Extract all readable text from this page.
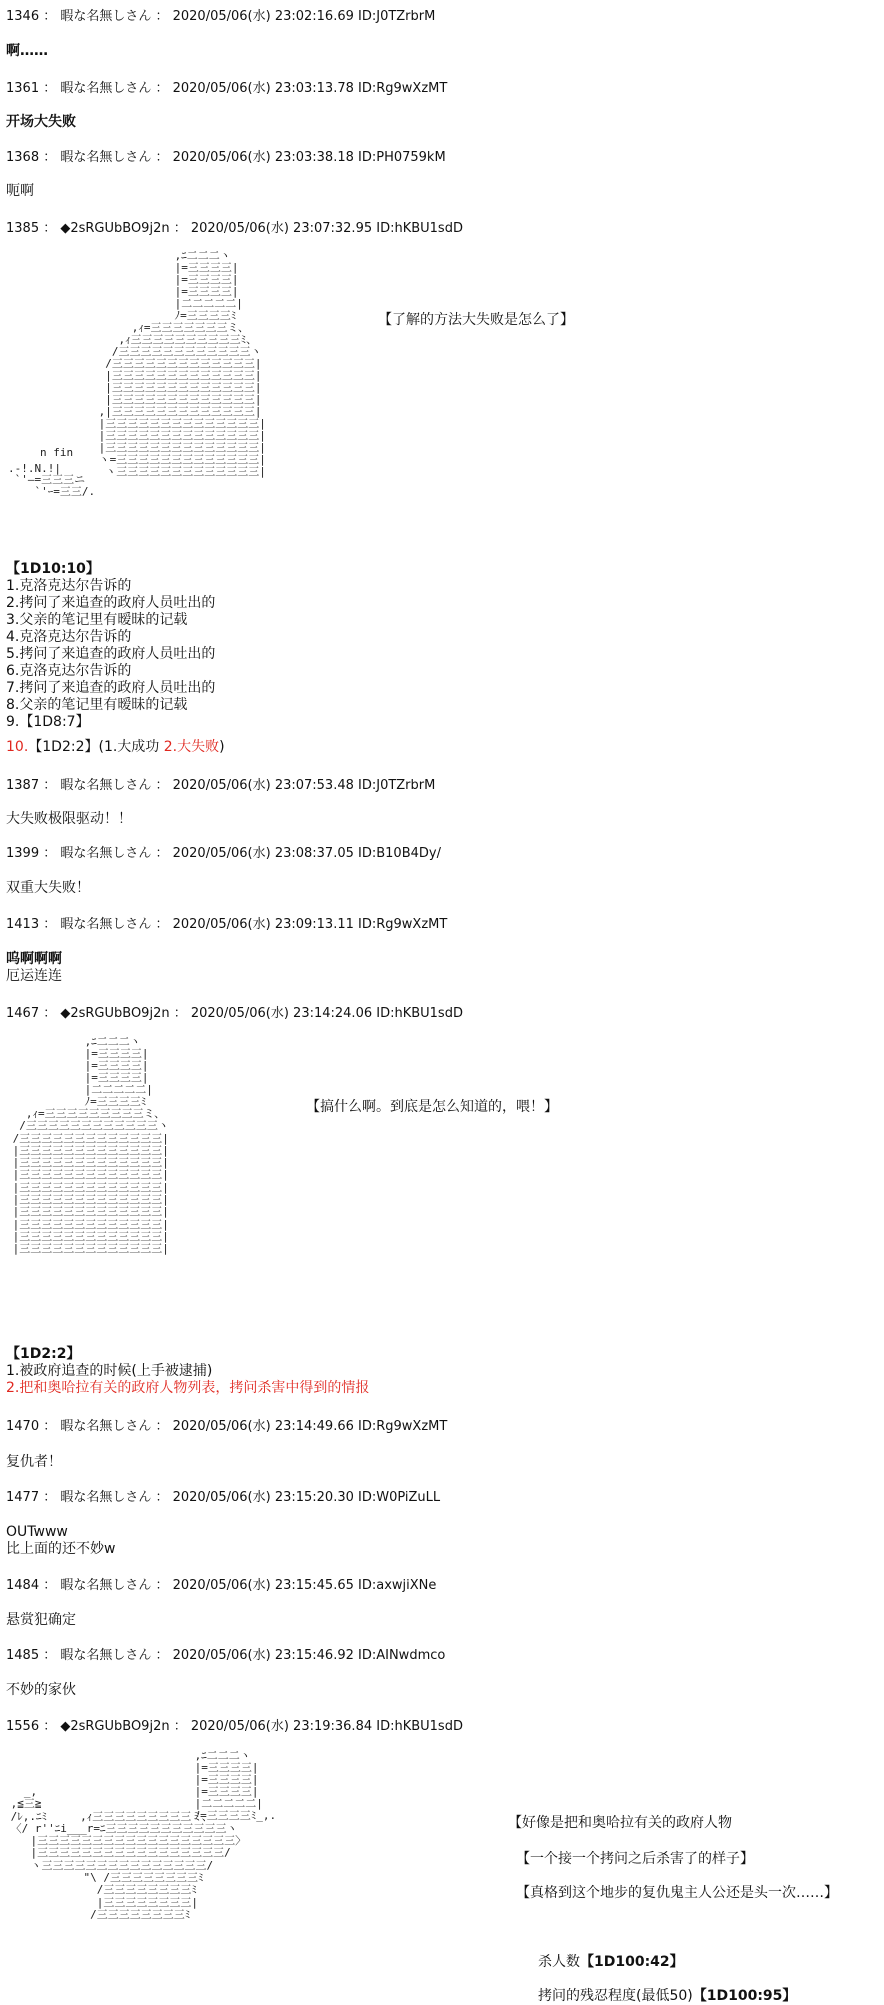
1346 ： 暇な名無しさん ： 2020/05/06(水) 23:02:16.69 ID:J0TZrbrM
啊……
1361 ： 暇な名無しさん ： 2020/05/06(水) 23:03:13.78 ID:Rg9wXzMT
开场大失败
1368 ： 暇な名無しさん ： 2020/05/06(水) 23:03:38.18 ID:PH0759kM
呃啊
1385 ： ◆2sRGUbBO9j2n ： 2020/05/06(水) 23:07:32.95 ID:hKBU1sdD
,ﾆ二二二ヽ
|=三三三三|
|=三三三三|
|=三三三三|
|二二二二二|
ﾉ=三三三三ﾐ
,ｨ=三三三三三三三ミ、
,ｨ三三三三三三三三三三ﾐ、
/三三三三三三三三三三三三ヽ
/三三三三三三三三三三三三三|
|三三三三三三三三三三三三三|
|三三三三三三三三三三三三三|
|三三三三三三三三三三三三三|
,|三三三三三三三三三三三三三|
|三三三三三三三三三三三三三三|
|三三三三三三三三三三三三三三|
|三三三三三三三三三三三三三三|
ヽ=三三三三三三三三三三三三三|
ヽ三三三三三三三三三三三三三|
n fin
.-!.N.!|
`'―=三三三ニ
`'ｰ=三三/.
【了解的方法大失败是怎么了】
【1D10:10】
1.克洛克达尔告诉的
2.拷问了来追查的政府人员吐出的
3.父亲的笔记里有暧昧的记载
4.克洛克达尔告诉的
5.拷问了来追查的政府人员吐出的
6.克洛克达尔告诉的
7.拷问了来追查的政府人员吐出的
8.父亲的笔记里有暧昧的记载
9.【1D8:7】
10.【1D2:2】(1.大成功 2.大失败)
1387 ： 暇な名無しさん ： 2020/05/06(水) 23:07:53.48 ID:J0TZrbrM
大失败极限驱动！！
1399 ： 暇な名無しさん ： 2020/05/06(水) 23:08:37.05 ID:B10B4Dy/
双重大失败！
1413 ： 暇な名無しさん ： 2020/05/06(水) 23:09:13.11 ID:Rg9wXzMT
呜啊啊啊
厄运连连
1467 ： ◆2sRGUbBO9j2n ： 2020/05/06(水) 23:14:24.06 ID:hKBU1sdD
,ﾆ二二二ヽ
|=三三三三|
|=三三三三|
|=三三三三|
|二二二二二|
ﾉ=三三三三ﾐ
,ｨ=三三三三三三三三三ミ、
/三三三三三三三三三三三三ヽ
/三三三三三三三三三三三三三|
|三三三三三三三三三三三三三|
|三三三三三三三三三三三三三|
|三三三三三三三三三三三三三|
|三三三三三三三三三三三三三|
|三三三三三三三三三三三三三|
|三三三三三三三三三三三三三|
|三三三三三三三三三三三三三|
|三三三三三三三三三三三三三|
|三三三三三三三三三三三三三|
【搞什么啊。到底是怎么知道的，喂！】
【1D2:2】
1.被政府追查的时候(上手被逮捕)
2.把和奥哈拉有关的政府人物列表，拷问杀害中得到的情报
1470 ： 暇な名無しさん ： 2020/05/06(水) 23:14:49.66 ID:Rg9wXzMT
复仇者！
1477 ： 暇な名無しさん ： 2020/05/06(水) 23:15:20.30 ID:W0PiZuLL
OUTwww
比上面的还不妙w
1484 ： 暇な名無しさん ： 2020/05/06(水) 23:15:45.65 ID:axwjiXNe
悬赏犯确定
1485 ： 暇な名無しさん ： 2020/05/06(水) 23:15:46.92 ID:AINwdmco
不妙的家伙
1556 ： ◆2sRGUbBO9j2n ： 2020/05/06(水) 23:19:36.84 ID:hKBU1sdD
,ﾆ二二二ヽ
|=三三三三|
|=三三三三|
|=三三三三|
|二二二二二|
ﾉ=三三三三ﾐ_,.
_,
,≦三≧
/ﾚ,.ﾆﾐ     ,ｨ三三三三三三三三三ミ、
〈/ r''ﾆi___r=ﾆ三三三三三三三三三三三ヽ
|三三三三三三三三三三三三三三三三三三〉
|三三三三三三三三三三三三三三三三三/
ヽ三三三三三三三三三三三三三三三/
"\ /三三三三三三三三ﾐ
/三三三三三三三三ﾐ
|三三三三三三三三|
/三三三三三三三三ﾐ
【好像是把和奥哈拉有关的政府人物
【一个接一个拷问之后杀害了的样子】
【真格到这个地步的复仇鬼主人公还是头一次……】
杀人数【1D100:42】
拷问的残忍程度(最低50)【1D100:95】
